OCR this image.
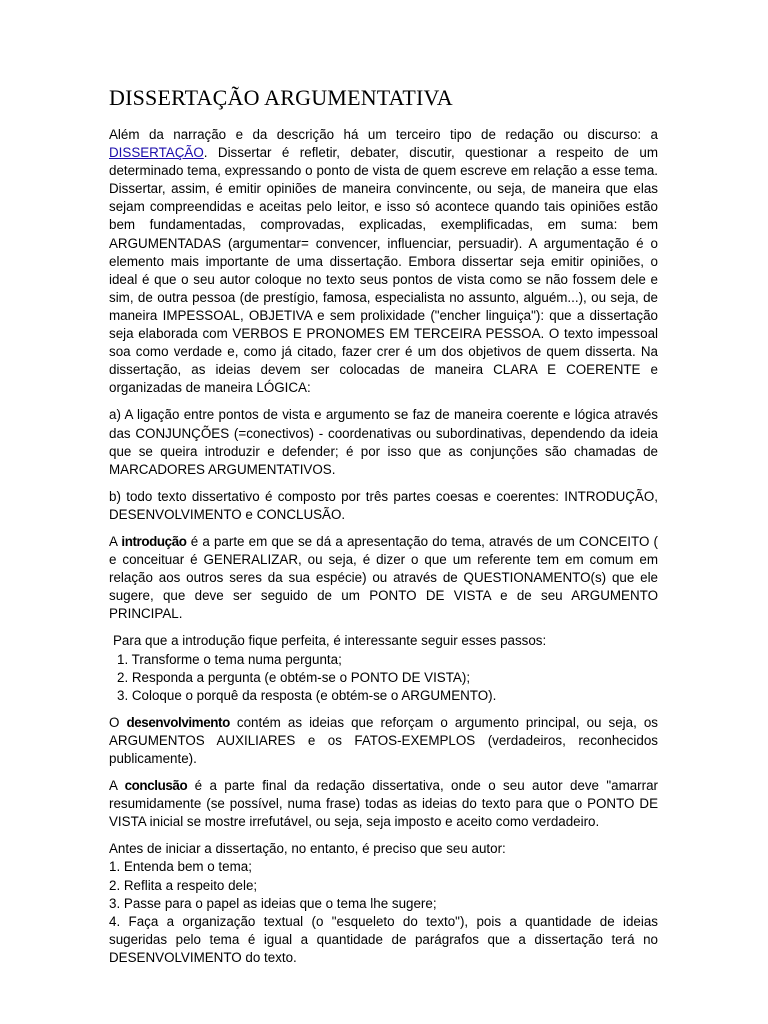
DISSERTAÇÃO ARGUMENTATIVA

Além da narração e da descrição há um terceiro tipo de redação ou discurso: a DISSERTAÇÃO. Dissertar é refletir, debater, discutir, questionar a respeito de um determinado tema, expressando o ponto de vista de quem escreve em relação a esse tema. Dissertar, assim, é emitir opiniões de maneira convincente, ou seja, de maneira que elas sejam compreendidas e aceitas pelo leitor, e isso só acontece quando tais opiniões estão bem fundamentadas, comprovadas, explicadas, exemplificadas, em suma: bem ARGUMENTADAS (argumentar= convencer, influenciar, persuadir). A argumentação é o elemento mais importante de uma dissertação. Embora dissertar seja emitir opiniões, o ideal é que o seu autor coloque no texto seus pontos de vista como se não fossem dele e sim, de outra pessoa (de prestígio, famosa, especialista no assunto, alguém...), ou seja, de maneira IMPESSOAL, OBJETIVA e sem prolixidade ("encher linguiça"): que a dissertação seja elaborada com VERBOS E PRONOMES EM TERCEIRA PESSOA. O texto impessoal soa como verdade e, como já citado, fazer crer é um dos objetivos de quem disserta. Na dissertação, as ideias devem ser colocadas de maneira CLARA E COERENTE e organizadas de maneira LÓGICA:

a) A ligação entre pontos de vista e argumento se faz de maneira coerente e lógica através das CONJUNÇÕES (=conectivos) - coordenativas ou subordinativas, dependendo da ideia que se queira introduzir e defender; é por isso que as conjunções são chamadas de MARCADORES ARGUMENTATIVOS.

b) todo texto dissertativo é composto por três partes coesas e coerentes: INTRODUÇÃO, DESENVOLVIMENTO e CONCLUSÃO.

A introdução é a parte em que se dá a apresentação do tema, através de um CONCEITO ( e conceituar é GENERALIZAR, ou seja, é dizer o que um referente tem em comum em relação aos outros seres da sua espécie) ou através de QUESTIONAMENTO(s) que ele sugere, que deve ser seguido de um PONTO DE VISTA e de seu ARGUMENTO PRINCIPAL.

Para que a introdução fique perfeita, é interessante seguir esses passos:
1. Transforme o tema numa pergunta;
2. Responda a pergunta (e obtém-se o PONTO DE VISTA);
3. Coloque o porquê da resposta (e obtém-se o ARGUMENTO).

O desenvolvimento contém as ideias que reforçam o argumento principal, ou seja, os ARGUMENTOS AUXILIARES e os FATOS-EXEMPLOS (verdadeiros, reconhecidos publicamente).

A conclusão é a parte final da redação dissertativa, onde o seu autor deve "amarrar resumidamente (se possível, numa frase) todas as ideias do texto para que o PONTO DE VISTA inicial se mostre irrefutável, ou seja, seja imposto e aceito como verdadeiro.

Antes de iniciar a dissertação, no entanto, é preciso que seu autor:
1. Entenda bem o tema;
2. Reflita a respeito dele;
3. Passe para o papel as ideias que o tema lhe sugere;
4. Faça a organização textual (o "esqueleto do texto"), pois a quantidade de ideias sugeridas pelo tema é igual a quantidade de parágrafos que a dissertação terá no DESENVOLVIMENTO do texto.
